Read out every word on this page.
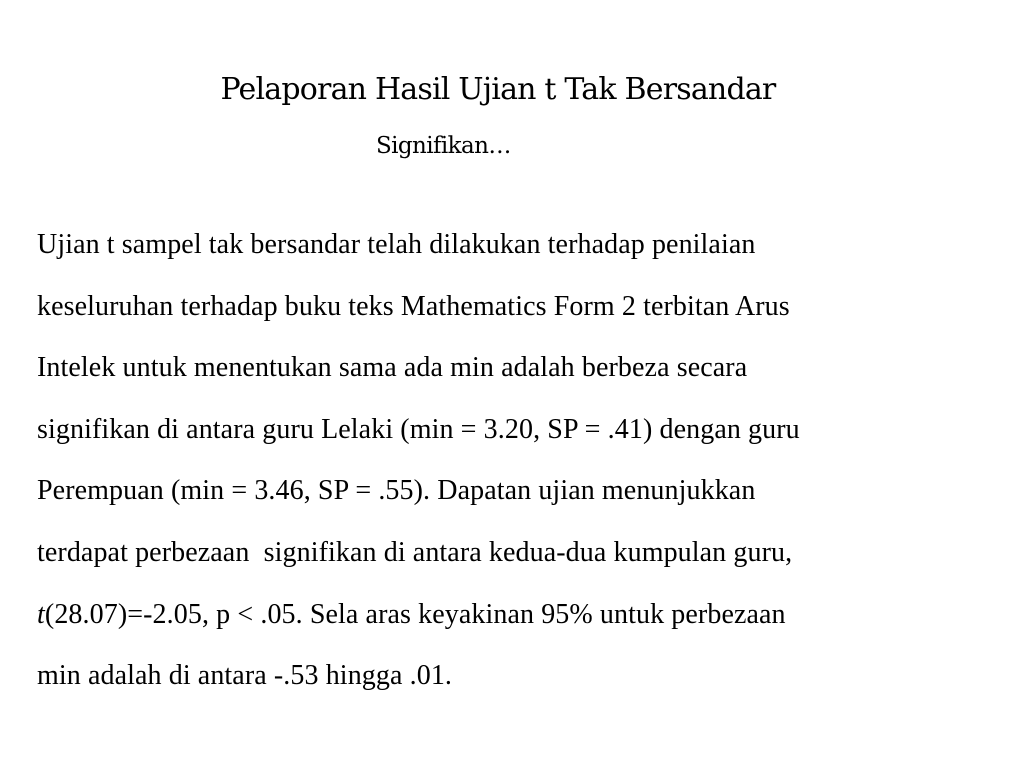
Pelaporan Hasil Ujian t Tak Bersandar
Signifikan…
Ujian t sampel tak bersandar telah dilakukan terhadap penilaian
keseluruhan terhadap buku teks Mathematics Form 2 terbitan Arus
Intelek untuk menentukan sama ada min adalah berbeza secara
signifikan di antara guru Lelaki (min = 3.20, SP = .41) dengan guru
Perempuan (min = 3.46, SP = .55). Dapatan ujian menunjukkan
terdapat perbezaan  signifikan di antara kedua-dua kumpulan guru,
t(28.07)=-2.05, p < .05. Sela aras keyakinan 95% untuk perbezaan
min adalah di antara -.53 hingga .01.
